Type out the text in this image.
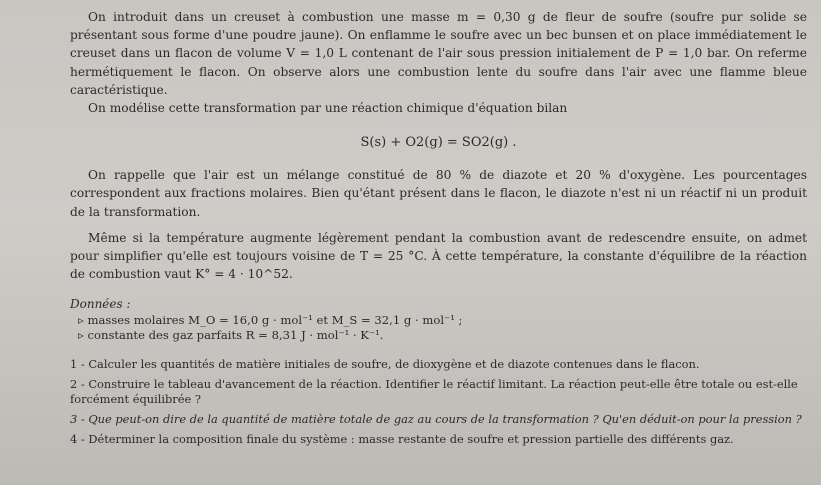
On introduit dans un creuset à combustion une masse m = 0,30 g de fleur de soufre (soufre pur solide se présentant sous forme d'une poudre jaune). On enflamme le soufre avec un bec bunsen et on place immédiatement le creuset dans un flacon de volume V = 1,0 L contenant de l'air sous pression initialement de P = 1,0 bar. On referme hermétiquement le flacon. On observe alors une combustion lente du soufre dans l'air avec une flamme bleue caractéristique.

On modélise cette transformation par une réaction chimique d'équation bilan

S(s) + O2(g) = SO2(g) .

On rappelle que l'air est un mélange constitué de 80 % de diazote et 20 % d'oxygène. Les pourcentages correspondent aux fractions molaires. Bien qu'étant présent dans le flacon, le diazote n'est ni un réactif ni un produit de la transformation.

Même si la température augmente légèrement pendant la combustion avant de redescendre ensuite, on admet pour simplifier qu'elle est toujours voisine de T = 25 °C. À cette température, la constante d'équilibre de la réaction de combustion vaut K° = 4 · 10^52.

Données :

▹ masses molaires M_O = 16,0 g · mol⁻¹ et M_S = 32,1 g · mol⁻¹ ;

▹ constante des gaz parfaits R = 8,31 J · mol⁻¹ · K⁻¹.

1 - Calculer les quantités de matière initiales de soufre, de dioxygène et de diazote contenues dans le flacon.

2 - Construire le tableau d'avancement de la réaction. Identifier le réactif limitant. La réaction peut-elle être totale ou est-elle forcément équilibrée ?

3 - Que peut-on dire de la quantité de matière totale de gaz au cours de la transformation ? Qu'en déduit-on pour la pression ?

4 - Déterminer la composition finale du système : masse restante de soufre et pression partielle des différents gaz.
